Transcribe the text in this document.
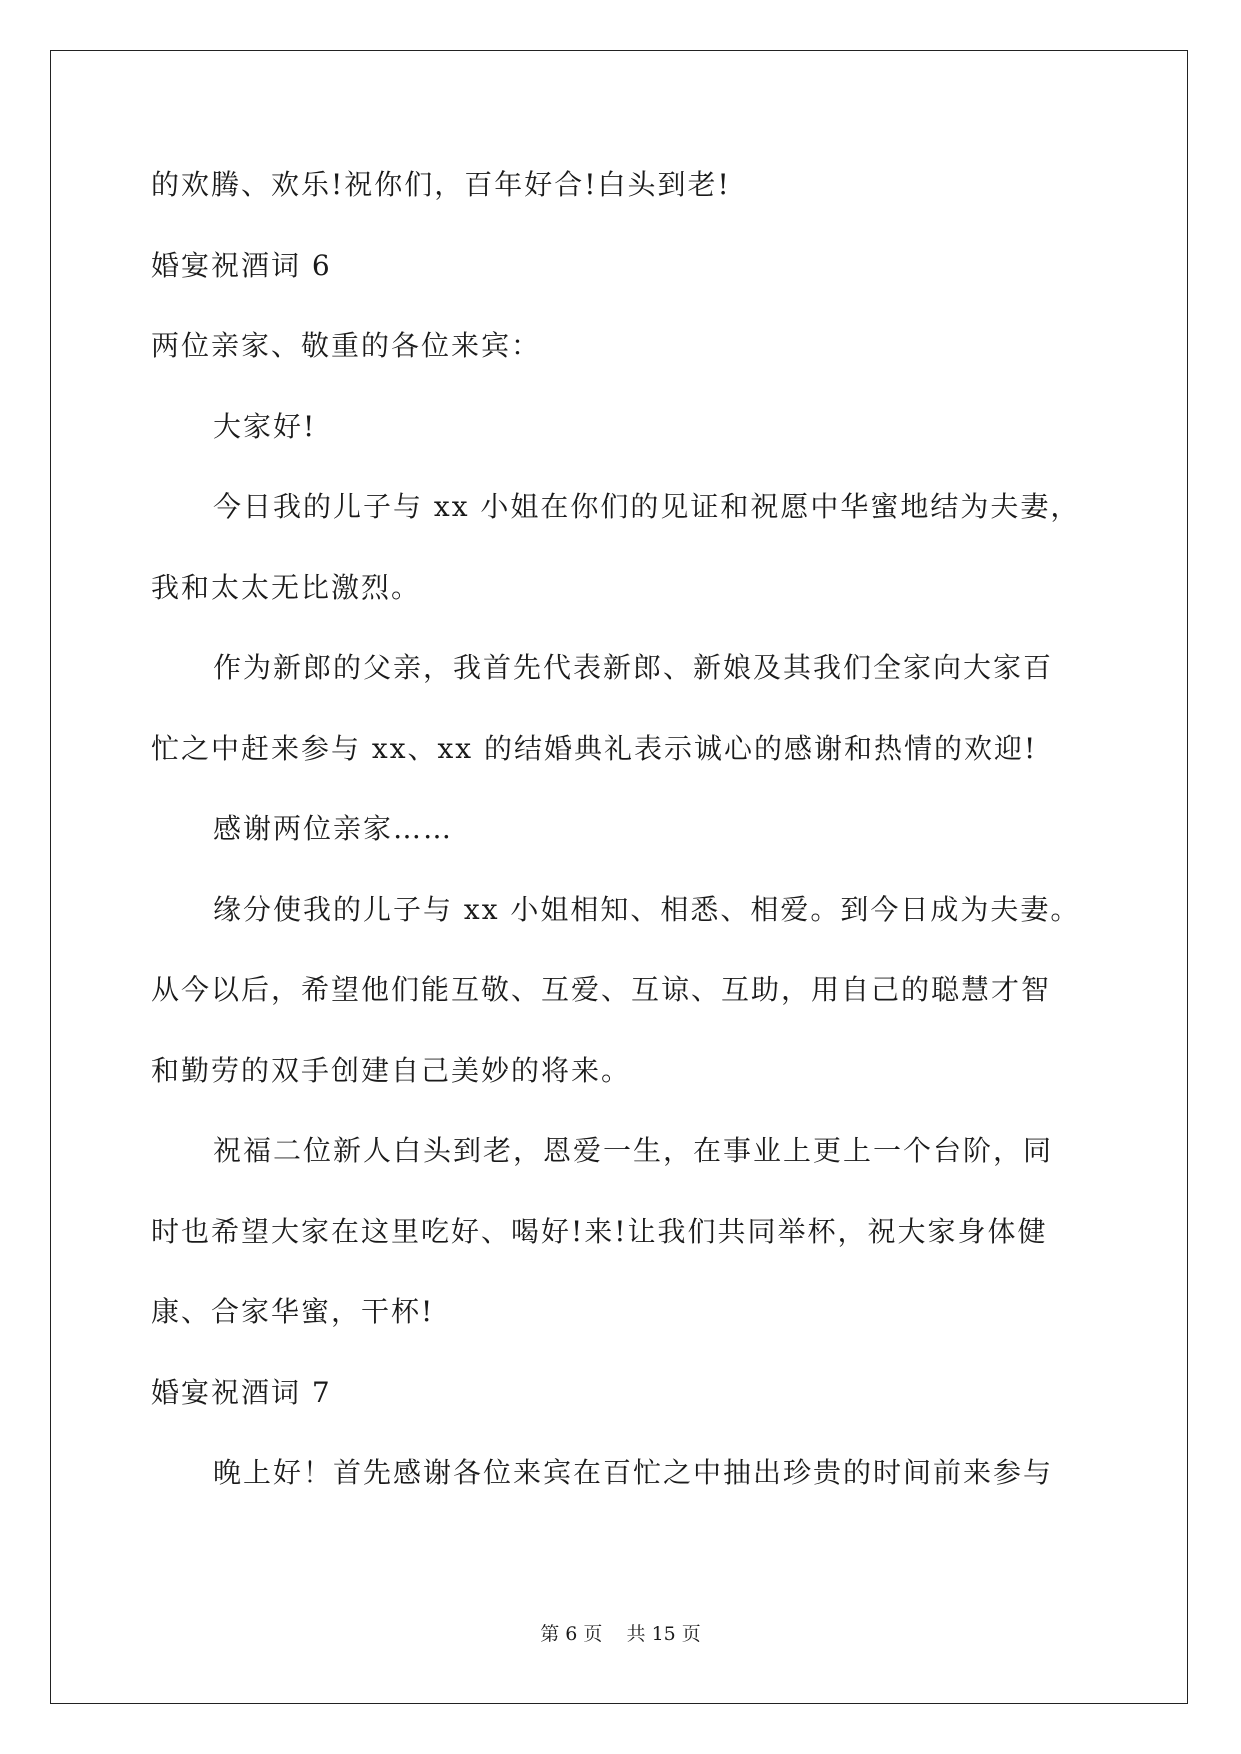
的欢腾、欢乐!祝你们，百年好合!白头到老!
婚宴祝酒词 6
两位亲家、敬重的各位来宾：
大家好!
今日我的儿子与 xx 小姐在你们的见证和祝愿中华蜜地结为夫妻，
我和太太无比激烈。
作为新郎的父亲，我首先代表新郎、新娘及其我们全家向大家百
忙之中赶来参与 xx、xx 的结婚典礼表示诚心的感谢和热情的欢迎!
感谢两位亲家……
缘分使我的儿子与 xx 小姐相知、相悉、相爱。到今日成为夫妻。
从今以后，希望他们能互敬、互爱、互谅、互助，用自己的聪慧才智
和勤劳的双手创建自己美妙的将来。
祝福二位新人白头到老，恩爱一生，在事业上更上一个台阶，同
时也希望大家在这里吃好、喝好!来!让我们共同举杯，祝大家身体健
康、合家华蜜，干杯!
婚宴祝酒词 7
晚上好！首先感谢各位来宾在百忙之中抽出珍贵的时间前来参与
第 6 页 共 15 页
